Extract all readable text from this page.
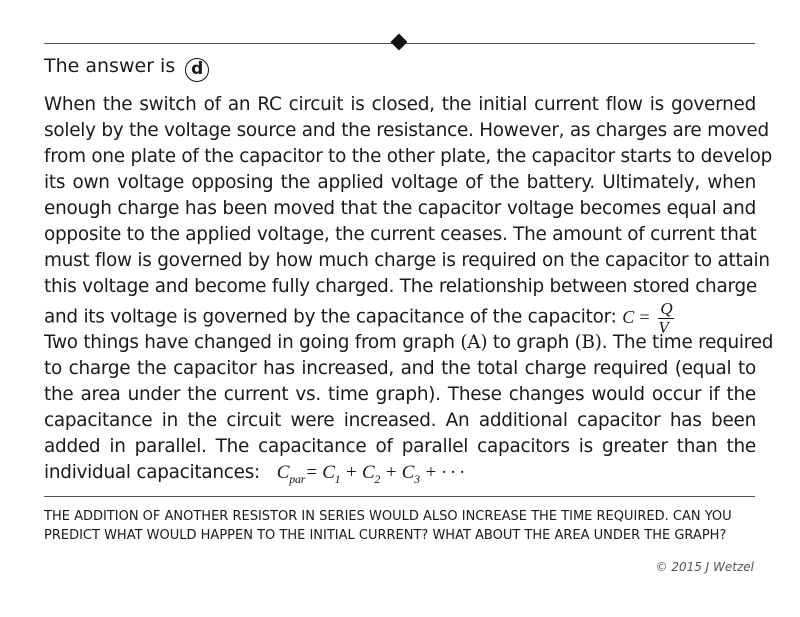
The answer is d
When the switch of an RC circuit is closed, the initial current flow is governed
solely by the voltage source and the resistance. However, as charges are moved
from one plate of the capacitor to the other plate, the capacitor starts to develop
its own voltage opposing the applied voltage of the battery. Ultimately, when
enough charge has been moved that the capacitor voltage becomes equal and
opposite to the applied voltage, the current ceases. The amount of current that
must flow is governed by how much charge is required on the capacitor to attain
this voltage and become fully charged. The relationship between stored charge
and its voltage is governed by the capacitance of the capacitor: $C = \frac{Q}{V}$
Two things have changed in going from graph (A) to graph (B). The time required
to charge the capacitor has increased, and the total charge required (equal to
the area under the current vs. time graph). These changes would occur if the
capacitance in the circuit were increased. An additional capacitor has been
added in parallel. The capacitance of parallel capacitors is greater than the
individual capacitances: $C_{par}= C_1 + C_2 + C_3$ + · · ·
THE ADDITION OF ANOTHER RESISTOR IN SERIES WOULD ALSO INCREASE THE TIME REQUIRED. CAN YOU
PREDICT WHAT WOULD HAPPEN TO THE INITIAL CURRENT? WHAT ABOUT THE AREA UNDER THE GRAPH?
© 2015 J Wetzel
